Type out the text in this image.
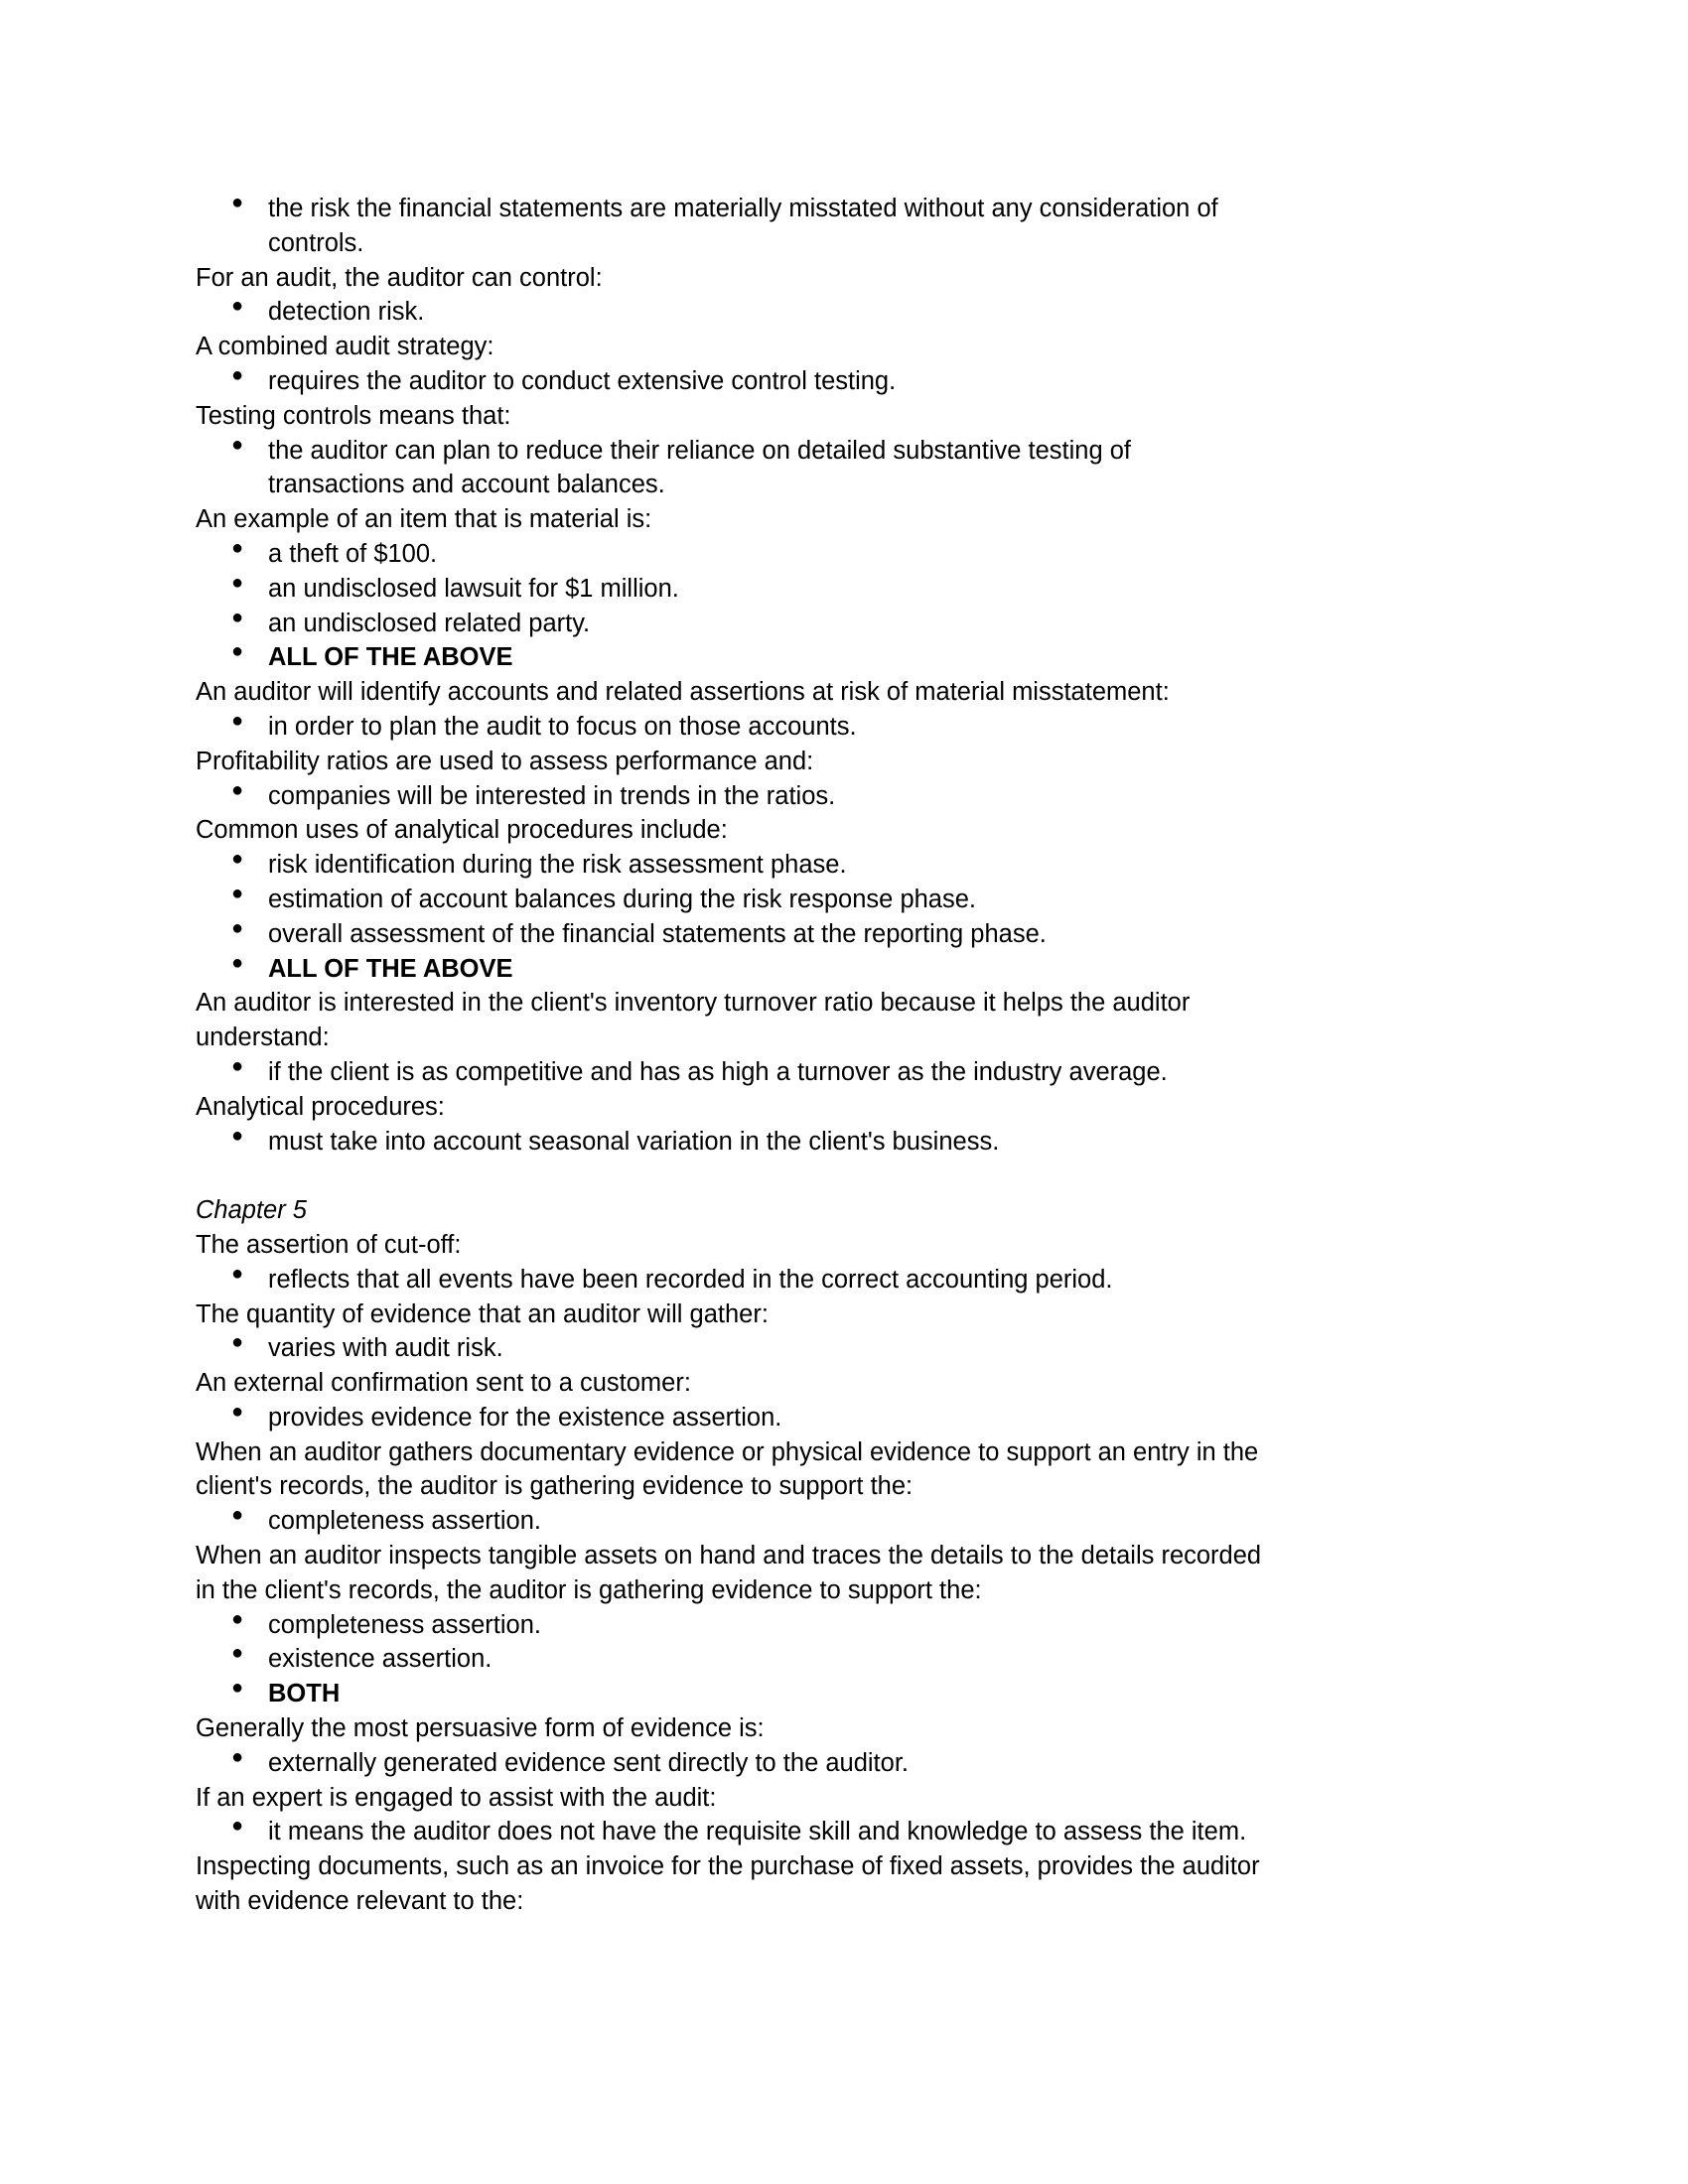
● the risk the financial statements are materially misstated without any consideration of
controls.
For an audit, the auditor can control:
● detection risk.
A combined audit strategy:
● requires the auditor to conduct extensive control testing.
Testing controls means that:
● the auditor can plan to reduce their reliance on detailed substantive testing of
transactions and account balances.
An example of an item that is material is:
● a theft of $100.
● an undisclosed lawsuit for $1 million.
● an undisclosed related party.
● ALL OF THE ABOVE
An auditor will identify accounts and related assertions at risk of material misstatement:
● in order to plan the audit to focus on those accounts.
Profitability ratios are used to assess performance and:
● companies will be interested in trends in the ratios.
Common uses of analytical procedures include:
● risk identification during the risk assessment phase.
● estimation of account balances during the risk response phase.
● overall assessment of the financial statements at the reporting phase.
● ALL OF THE ABOVE
An auditor is interested in the client's inventory turnover ratio because it helps the auditor
understand:
● if the client is as competitive and has as high a turnover as the industry average.
Analytical procedures:
● must take into account seasonal variation in the client's business.
Chapter 5
The assertion of cut-off:
● reflects that all events have been recorded in the correct accounting period.
The quantity of evidence that an auditor will gather:
● varies with audit risk.
An external confirmation sent to a customer:
● provides evidence for the existence assertion.
When an auditor gathers documentary evidence or physical evidence to support an entry in the
client's records, the auditor is gathering evidence to support the:
● completeness assertion.
When an auditor inspects tangible assets on hand and traces the details to the details recorded
in the client's records, the auditor is gathering evidence to support the:
● completeness assertion.
● existence assertion.
● BOTH
Generally the most persuasive form of evidence is:
● externally generated evidence sent directly to the auditor.
If an expert is engaged to assist with the audit:
● it means the auditor does not have the requisite skill and knowledge to assess the item.
Inspecting documents, such as an invoice for the purchase of fixed assets, provides the auditor
with evidence relevant to the:
